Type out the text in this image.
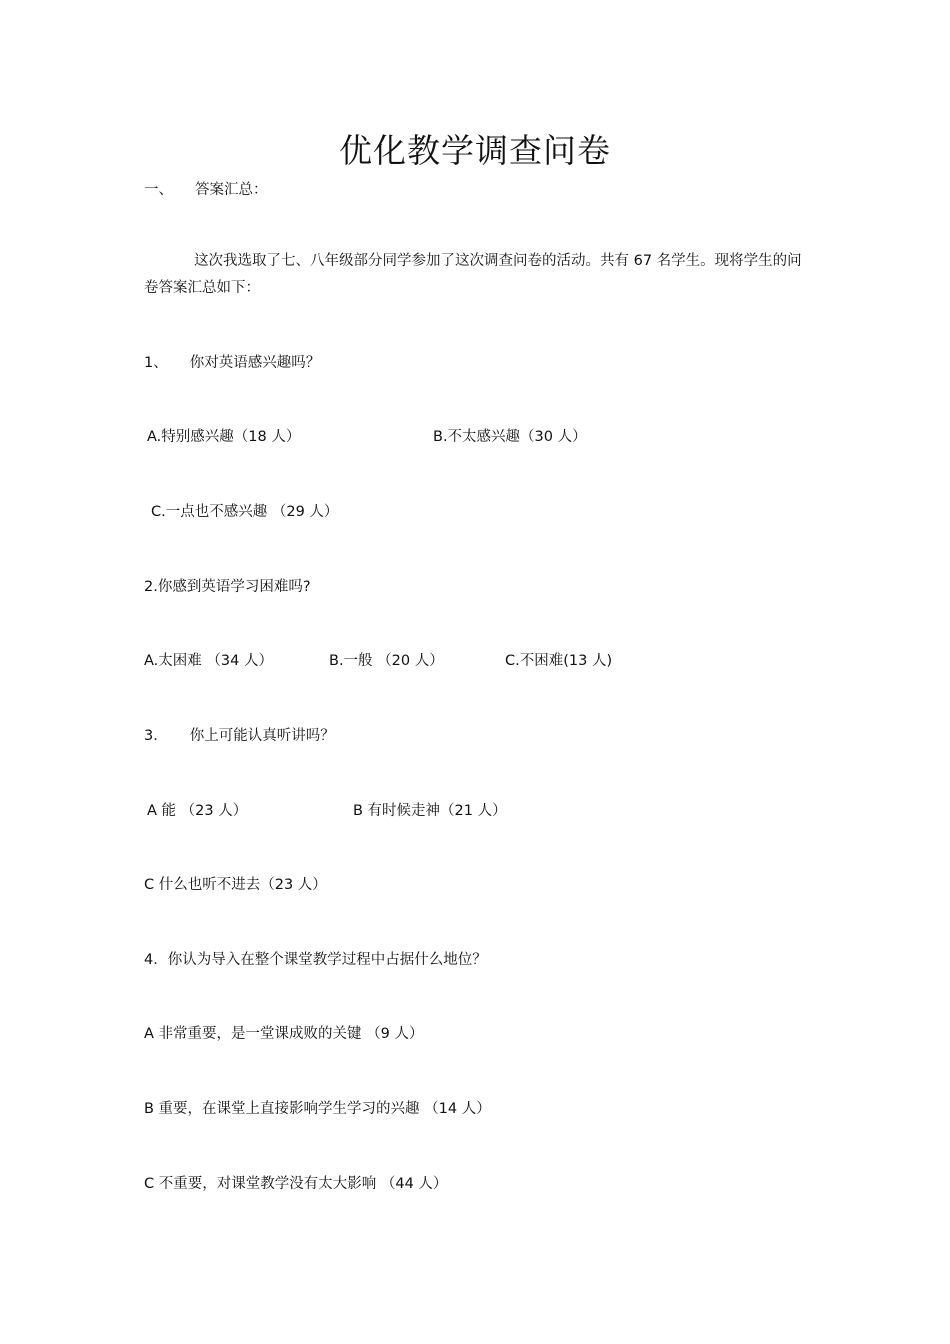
优化教学调查问卷
一、 答案汇总：
这次我选取了七、八年级部分同学参加了这次调查问卷的活动。共有 67 名学生。现将学生的问卷答案汇总如下：
1、 你对英语感兴趣吗？
A.特别感兴趣（18 人）	B.不太感兴趣（30 人）
C.一点也不感兴趣 （29 人）
2.你感到英语学习困难吗?
A.太困难 （34 人）	B.一般 （20 人）	C.不困难(13 人)
3． 你上可能认真听讲吗？
A 能 （23 人）	B 有时候走神（21 人）
C 什么也听不进去（23 人）
4．你认为导入在整个课堂教学过程中占据什么地位？
A 非常重要，是一堂课成败的关键 （9 人）
B 重要，在课堂上直接影响学生学习的兴趣 （14 人）
C 不重要，对课堂教学没有太大影响 （44 人）
